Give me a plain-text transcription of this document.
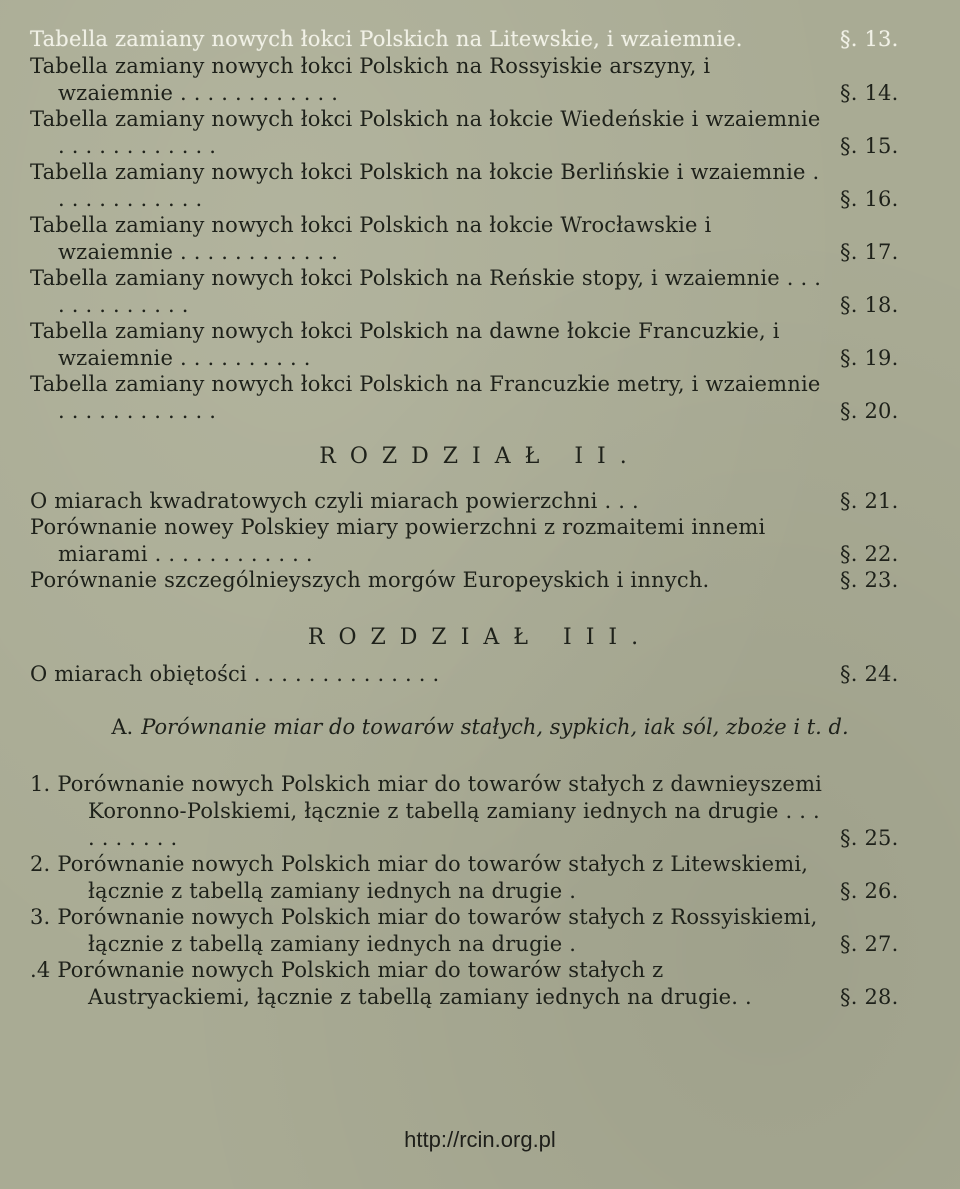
Tabella zamiany nowych łokci Polskich na Litewskie, i wzaiemnie.	§. 13.
Tabella zamiany nowych łokci Polskich na Rossyiskie arszyny, i wzaiemnie . . . . . . . . . . . .	§. 14.
Tabella zamiany nowych łokci Polskich na łokcie Wiedeńskie i wzaiemnie . . . . . . . . . . . .	§. 15.
Tabella zamiany nowych łokci Polskich na łokcie Berlińskie i wzaiemnie . . . . . . . . . . . .	§. 16.
Tabella zamiany nowych łokci Polskich na łokcie Wrocławskie i wzaiemnie . . . . . . . . . . . .	§. 17.
Tabella zamiany nowych łokci Polskich na Reńskie stopy, i wzaiemnie . . . . . . . . . . . . .	§. 18.
Tabella zamiany nowych łokci Polskich na dawne łokcie Francuzkie, i wzaiemnie . . . . . . . . . .	§. 19.
Tabella zamiany nowych łokci Polskich na Francuzkie metry, i wzaiemnie . . . . . . . . . . . .	§. 20.
ROZDZIAŁ II.
O miarach kwadratowych czyli miarach powierzchni . . .	§. 21.
Porównanie nowey Polskiey miary powierzchni z rozmaitemi innemi miarami . . . . . . . . . . . .	§. 22.
Porównanie szczególnieyszych morgów Europeyskich i innych.	§. 23.
ROZDZIAŁ III.
O miarach obiętości . . . . . . . . . . . . . .	§. 24.
A. Porównanie miar do towarów stałych, sypkich, iak sól, zboże i t. d.
1. Porównanie nowych Polskich miar do towarów stałych z dawnieyszemi Koronno-Polskiemi, łącznie z tabellą zamiany iednych na drugie . . . . . . . . . .	§. 25.
2. Porównanie nowych Polskich miar do towarów stałych z Litewskiemi, łącznie z tabellą zamiany iednych na drugie .	§. 26.
3. Porównanie nowych Polskich miar do towarów stałych z Rossyiskiemi, łącznie z tabellą zamiany iednych na drugie .	§. 27.
.4 Porównanie nowych Polskich miar do towarów stałych z Austryackiemi, łącznie z tabellą zamiany iednych na drugie. .	§. 28.
http://rcin.org.pl
